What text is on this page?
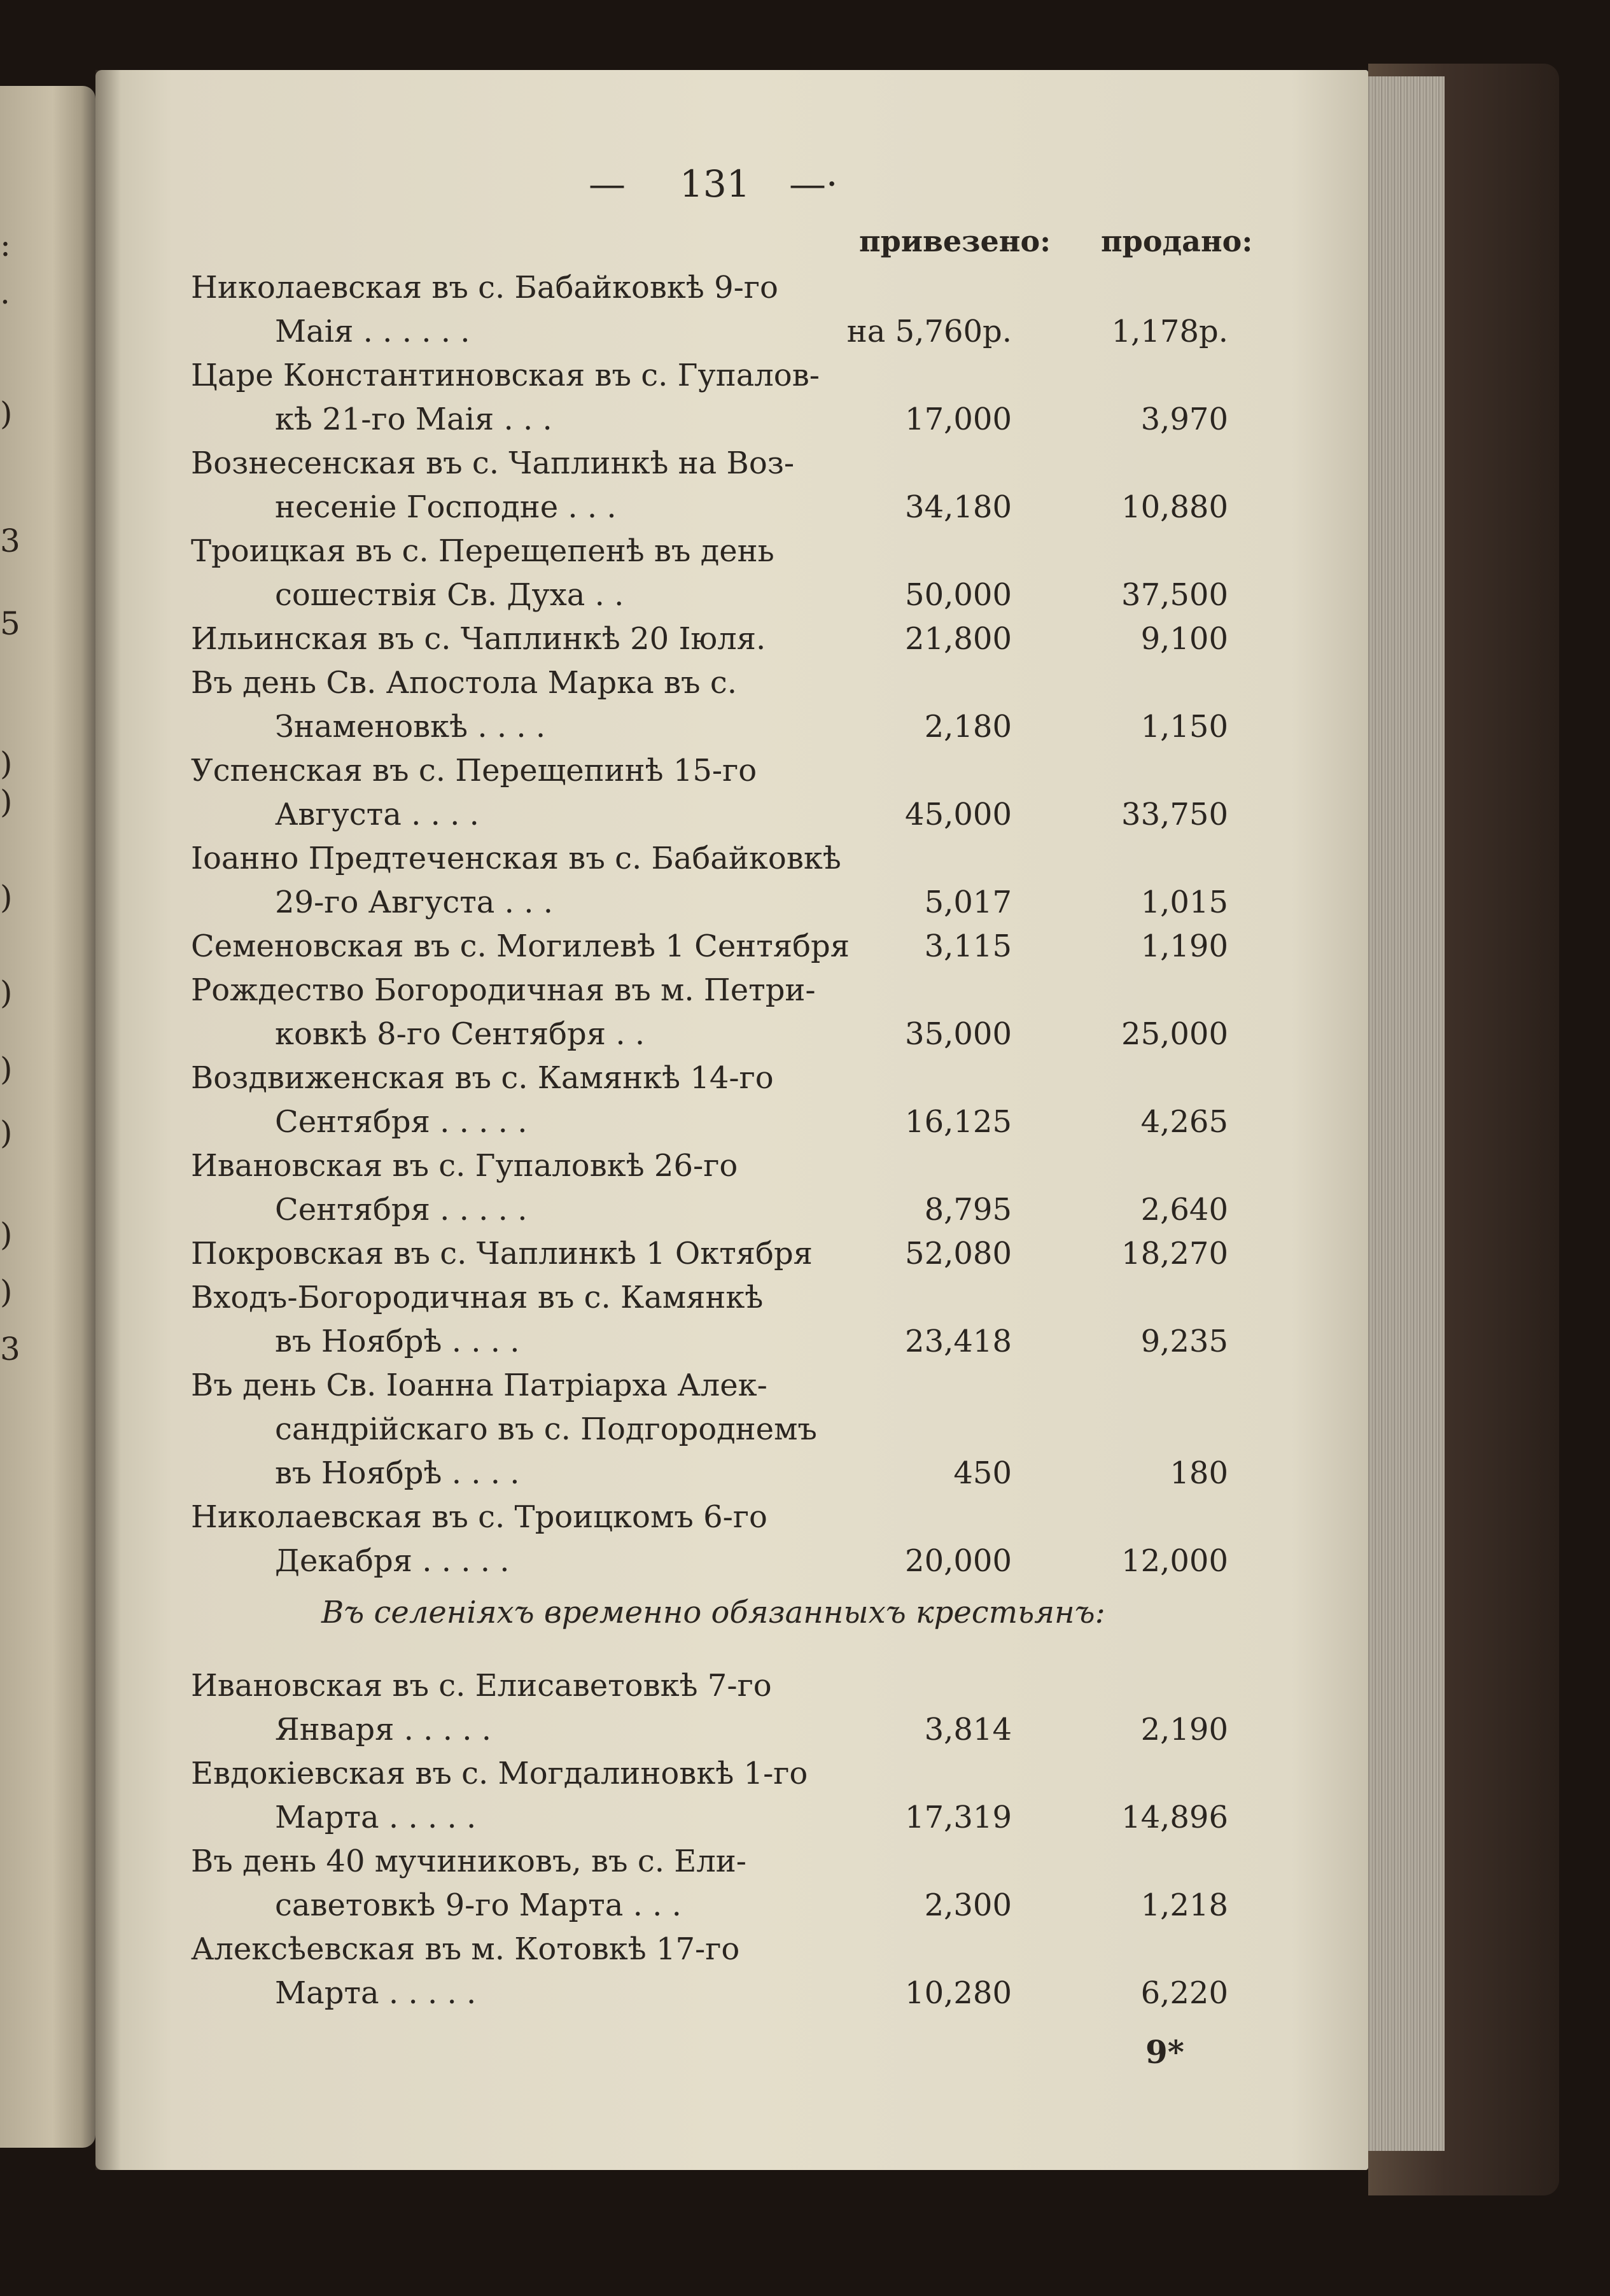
:
.
)
3
5
)
)
)
)
)
)
)
)
3
— 131 —·
привезено: продано:
Николаевская въ с. Бабайковкѣ 9-го
Маія . . . . . .	на 5,760р.	1,178р.
Царе Константиновская въ с. Гупалов-
кѣ 21-го Маія . . .	17,000	3,970
Вознесенская въ с. Чаплинкѣ на Воз-
несеніе Господне . . .	34,180	10,880
Троицкая въ с. Перещепенѣ въ день
сошествія Св. Духа . .	50,000	37,500
Ильинская въ с. Чаплинкѣ 20 Іюля.	21,800	9,100
Въ день Св. Апостола Марка въ с.
Знаменовкѣ . . . .	2,180	1,150
Успенская въ с. Перещепинѣ 15-го
Августа . . . .	45,000	33,750
Іоанно Предтеченская въ с. Бабайковкѣ
29-го Августа . . .	5,017	1,015
Семеновская въ с. Могилевѣ 1 Сентября	3,115	1,190
Рождество Богородичная въ м. Петри-
ковкѣ 8-го Сентября . .	35,000	25,000
Воздвиженская въ с. Камянкѣ 14-го
Сентября . . . . .	16,125	4,265
Ивановская въ с. Гупаловкѣ 26-го
Сентября . . . . .	8,795	2,640
Покровская въ с. Чаплинкѣ 1 Октября	52,080	18,270
Входъ-Богородичная въ с. Камянкѣ
въ Ноябрѣ . . . .	23,418	9,235
Въ день Св. Іоанна Патріарха Алек-
сандрійскаго въ с. Подгороднемъ
въ Ноябрѣ . . . .	450	180
Николаевская въ с. Троицкомъ 6-го
Декабря . . . . .	20,000	12,000
Въ селеніяхъ временно обязанныхъ крестьянъ:
Ивановская въ с. Елисаветовкѣ 7-го
Января . . . . .	3,814	2,190
Евдокіевская въ с. Могдалиновкѣ 1-го
Марта . . . . .	17,319	14,896
Въ день 40 мучиниковъ, въ с. Ели-
саветовкѣ 9-го Марта . . .	2,300	1,218
Алексѣевская въ м. Котовкѣ 17-го
Марта . . . . .	10,280	6,220
9*
